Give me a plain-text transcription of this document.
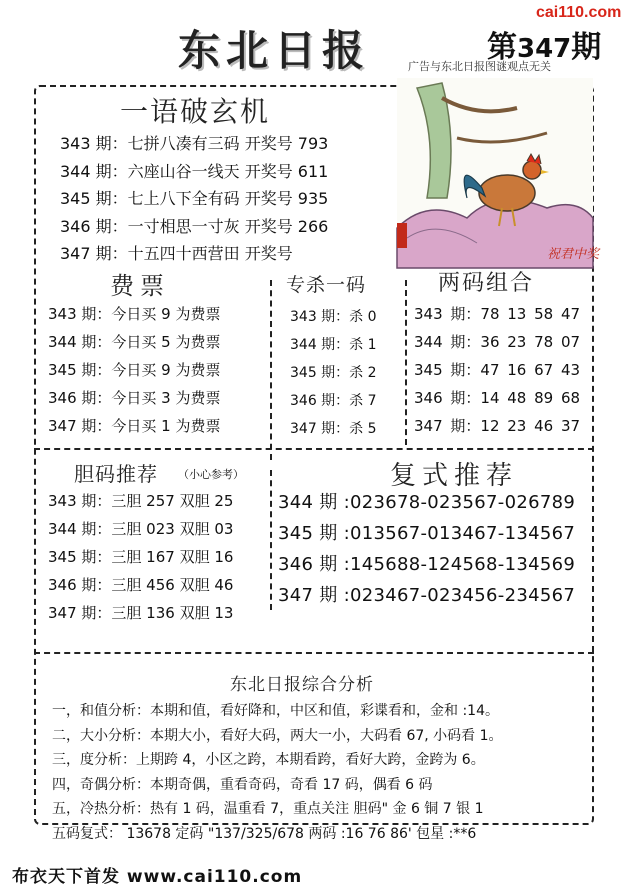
cai110.com
东北日报	第347期
广告与东北日报图谜观点无关
一语破玄机
343 期：七拼八凑有三码 开奖号 793
344 期：六座山谷一线天 开奖号 611
345 期：七上八下全有码 开奖号 935
346 期：一寸相思一寸灰 开奖号 266
347 期：十五四十西营田 开奖号	祝君中奖
费票
343 期：今日买 9 为费票
344 期：今日买 5 为费票
345 期：今日买 9 为费票
346 期：今日买 3 为费票
347 期：今日买 1 为费票
专杀一码
343 期：杀 0
344 期：杀 1
345 期：杀 2
346 期：杀 7
347 期：杀 5
两码组合
343 期：78 13 58 47
344 期：36 23 78 07
345 期：47 16 67 43
346 期：14 48 89 68
347 期：12 23 46 37
胆码推荐 （小心参考）
343 期：三胆 257 双胆 25
344 期：三胆 023 双胆 03
345 期：三胆 167 双胆 16
346 期：三胆 456 双胆 46
347 期：三胆 136 双胆 13
复式推荐
344 期 :023678-023567-026789
345 期 :013567-013467-134567
346 期 :145688-124568-134569
347 期 :023467-023456-234567
东北日报综合分析
一，和值分析：本期和值，看好降和，中区和值，彩谍看和，金和 :14。
二，大小分析：本期大小，看好大码，两大一小，大码看 67, 小码看 1。
三，度分析：上期跨 4，小区之跨，本期看跨，看好大跨，金跨为 6。
四，奇偶分析：本期奇偶，重看奇码，奇看 17 码，偶看 6 码
五，冷热分析：热有 1 码，温重看 7，重点关注 胆码" 金 6 铜 7 银 1
五码复式： 13678 定码 "137/325/678 两码 :16 76 86' 包星 :**6
布衣天下首发 www.cai110.com
